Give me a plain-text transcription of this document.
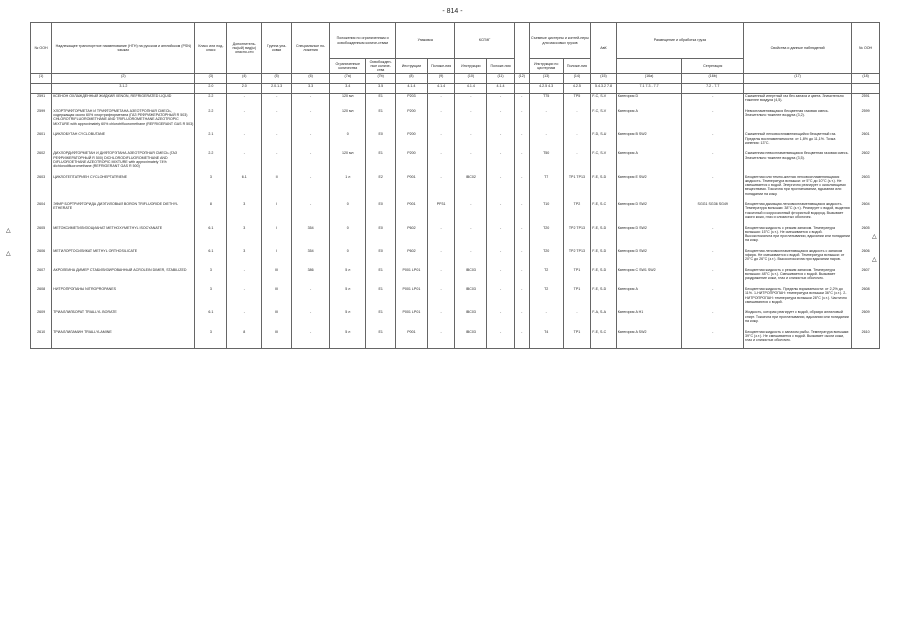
- 814 -
№ ООН	Надлежащее транспортное наименование (НТН) на русском и английском (PSN) языках	Класс или под-класс	Дополнитель-ны(ый) вид(ы) опасно-сти	Группа упа-ковки	Специальные по-ложения	Положения по ограниченным и освобожденным количе-ствам		Упаковка		КСГМГ			Съемные цистерны и контей-неры для массовых грузов		АвК	Размещение и обработка груза		Свойства и данные наблюдений	№ ООН
						Ограниченные количества	Освобожден-ные количе-ства	Инструкции	Положе-ния	Инструкции	Положе-ния		Инструкции по цистернам	Положе-ния			Сегрегация		
(1)	(2)	(3)	(4)	(5)	(6)	(7a)	(7b)	(8)	(9)	(10)	(11)	(12)	(13)	(14)	(15)	(16a)	(16b)	(17)	(18)
	3.1.2	2.0	2.0	2.0.1.3	3.3	3.4	3.5	4.1.4	4.1.4	4.1.4	4.1.4		4.2.5 4.3	4.2.5	5.4.3.2 7.8	7.1 7.3 - 7.7	7.2 - 7.7		
2591	КСЕНОН ОХЛАЖДЕННЫЙ ЖИДКИЙ XENON, REFRIGERATED LIQUID	2.2	-	-	-	120 мл	E1	P203	-	-	-	-	T75	TP5	F-C, S-V	Категория D	-	Сжиженный инертный газ без запаха и цвета. Значительно тяжелее воздуха (4,5).	2591
2599	ХЛОРТРИФТОРМЕТАН И ТРИФТОРМЕТАНА АЗЕОТРОПНАЯ СМЕСЬ, содержащая около 60% хлортрифторметана (ГАЗ РЕФРИЖЕРАТОРНЫЙ R 503) CHLOROTRIFLUOROMETHANE AND TRIFLUOROMETHANE AZEOTROPIC MIXTURE with approximately 60% chlorotrifluoromethane (REFRIGERANT GAS R 503)	2.2	-	-	-	120 мл	E1	P200	-	-	-	-	-	-	F-C, S-V	Категория A	-	Невоспламеняющаяся бесцветная газовая смесь. Значительно тяжелее воздуха (3,2).	2599
2601	ЦИКЛОБУТАН CYCLOBUTANE	2.1	-	-	-	0	E0	P200	-	-	-	-	-	-	F-D, S-U	Категория B SW2	-	Сжиженный легковоспламеняющийся бесцветный газ. Пределы воспламеняемости: от 1,8% до 11,1%. Точка кипения: 13°C.	2601
2602	ДИХЛОРДИФТОРМЕТАН И ДИФТОРЭТАНА АЗЕОТРОПНАЯ СМЕСЬ (ГАЗ РЕФРИЖЕРАТОРНЫЙ R 500) DICHLORODIFLUOROMETHANE AND DIFLUOROETHANE AZEOTROPIC MIXTURE with approximately 74% dichlorodifluoromethane (REFRIGERANT GAS R 500)	2.2	-	-	-	120 мл	E1	P200	-	-	-	-	T50	-	F-C, S-V	Категория A	-	Сжиженная невоспламеняющаяся бесцветная газовая смесь. Значительно тяжелее воздуха (3,5).	2602
2603	ЦИКЛОГЕПТАТРИЕН CYCLOHEPTATRIENE	3	6.1	II	-	1 л	E2	P001	-	IBC02	-	-	T7	TP1 TP13	F-E, S-D	Категория E SW2	-	Бесцветная или темно-желтая легковоспламеняющаяся жидкость. Температура вспышки: от 5°C до 10°C (з.т.). Не смешивается с водой. Энергично реагирует с окисляющими веществами. Токсична при проглатывании, вдыхании или попадании на кожу.	2603
2604	ЭФИР БОРТРИФТОРИДА ДИЭТИЛОВЫЙ BORON TRIFLUORIDE DIETHYL ETHERATE	8	3	I	-	0	E0	P001	PP31	-	-	-	T10	TP2	F-E, S-C	Категория D SW2	SGG1 SG36 SG49	Бесцветная дымящая легковоспламеняющаяся жидкость. Температура вспышки: 38°C (з.т.). Реагирует с водой, выделяя токсичный и коррозионный фтористый водород. Вызывает ожоги кожи, глаз и слизистых оболочек.	2604
2605	МЕТОКСИМЕТИЛИЗОЦИАНАТ METHOXYMETHYL ISOCYANATE	6.1	3	I	354	0	E0	P602	-	-	-	-	T20	TP2 TP13	F-E, S-D	Категория D SW2	-	Бесцветная жидкость с резким запахом. Температура вспышки: 15°C (з.т.). Не смешивается с водой. Высокотоксична при проглатывании, вдыхании или попадании на кожу.	2605
2606	МЕТИЛОРТОСИЛИКАТ METHYL ORTHOSILICATE	6.1	3	I	354	0	E0	P602	-	-	-	-	T20	TP2 TP13	F-E, S-D	Категория D SW2	-	Бесцветная легковоспламеняющаяся жидкость с запахом эфира. Не смешивается с водой. Температура вспышки: от 20°C до 26°C (з.т.). Высокотоксична при вдыхании паров.	2606
2607	АКРОЛЕИНА ДИМЕР СТАБИЛИЗИРОВАННЫЙ ACROLEIN DIMER, STABILIZED	3	-	III	386	5 л	E1	P001 LP01	-	IBC03	-	-	T2	TP1	F-E, S-D	Категория C SW1 SW2	-	Бесцветная жидкость с резким запахом. Температура вспышки: 48°C (з.т.). Смешивается с водой. Вызывает раздражение кожи, глаз и слизистых оболочек.	2607
2608	НИТРОПРОПАНЫ NITROPROPANES	3	-	III	-	5 л	E1	P001 LP01	-	IBC03	-	-	T2	TP1	F-E, S-D	Категория A	-	Бесцветная жидкость. Пределы взрываемости: от 2,2% до 11%. 1-НИТРОПРОПАН: температура вспышки 36°C (з.т.). 2-НИТРОПРОПАН: температура вспышки 28°C (з.т.). Частично смешиваются с водой.	2608
2609	ТРИАЛЛИЛБОРАТ TRIALLYL BORATE	6.1	-	III	-	5 л	E1	P001 LP01	-	IBC03	-	-	-	-	F-A, S-A	Категория A H1	-	Жидкость, которая реагирует с водой, образуя аллиловый спирт. Токсична при проглатывании, вдыхании или попадании на кожу.	2609
2610	ТРИАЛЛИЛАМИН TRIALLYLAMINE	3	8	III	-	5 л	E1	P001	-	IBC03	-	-	T4	TP1	F-E, S-C	Категория A SW2	-	Бесцветная жидкость с запахом рыбы. Температура вспышки: 39°C (з.т.). Не смешивается с водой. Вызывает ожоги кожи, глаз и слизистых оболочек.	2610
△
△
△
△
